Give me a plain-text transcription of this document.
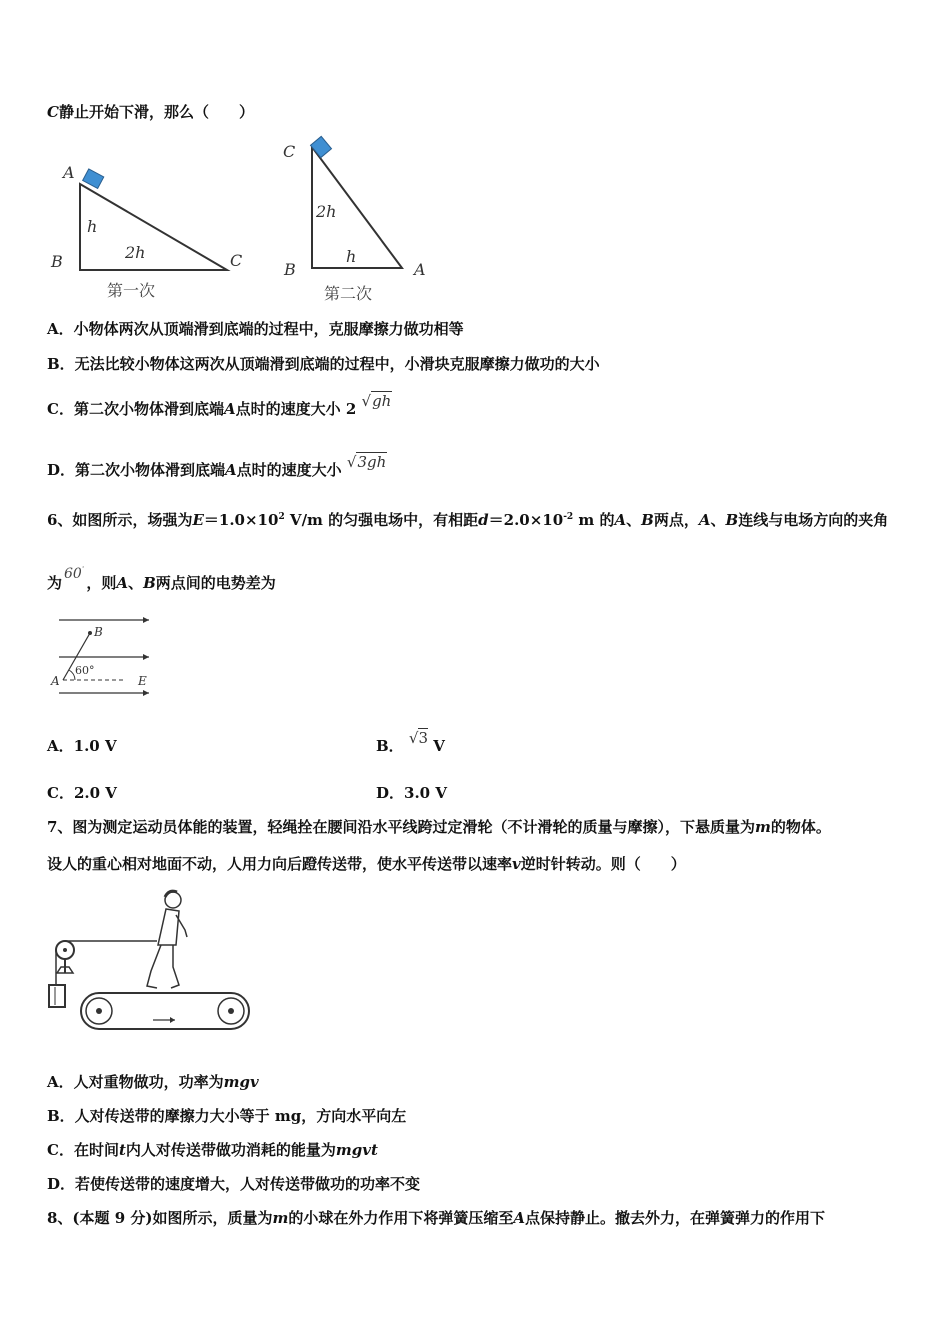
C静止开始下滑，那么（　　）
A
B	C
h
2h
第一次
C
B	A
2h
h
第二次
A．小物体两次从顶端滑到底端的过程中，克服摩擦力做功相等
B．无法比较小物体这两次从顶端滑到底端的过程中，小滑块克服摩擦力做功的大小
C．第二次小物体滑到底端A点时的速度大小 2 √gh
D．第二次小物体滑到底端A点时的速度大小 √3gh
6、如图所示，场强为$E=1.0\times 10^2$ V/m 的匀强电场中，有相距$d=2.0\times 10^{-2}$ m 的A、B两点，A、B连线与电场方向的夹角
为 60·，则A、B两点间的电势差为
B
A	E
60°
A．1.0 V	B． √3 V
C．2.0 V	D．3.0 V
7、图为测定运动员体能的装置，轻绳拴在腰间沿水平线跨过定滑轮（不计滑轮的质量与摩擦），下悬质量为m的物体。
设人的重心相对地面不动，人用力向后蹬传送带，使水平传送带以速率v逆时针转动。则（　　）
A．人对重物做功，功率为mgv
B．人对传送带的摩擦力大小等于 mg，方向水平向左
C．在时间t内人对传送带做功消耗的能量为mgvt
D．若使传送带的速度增大，人对传送带做功的功率不变
8、(本题 9 分)如图所示，质量为m的小球在外力作用下将弹簧压缩至A点保持静止。撤去外力，在弹簧弹力的作用下
